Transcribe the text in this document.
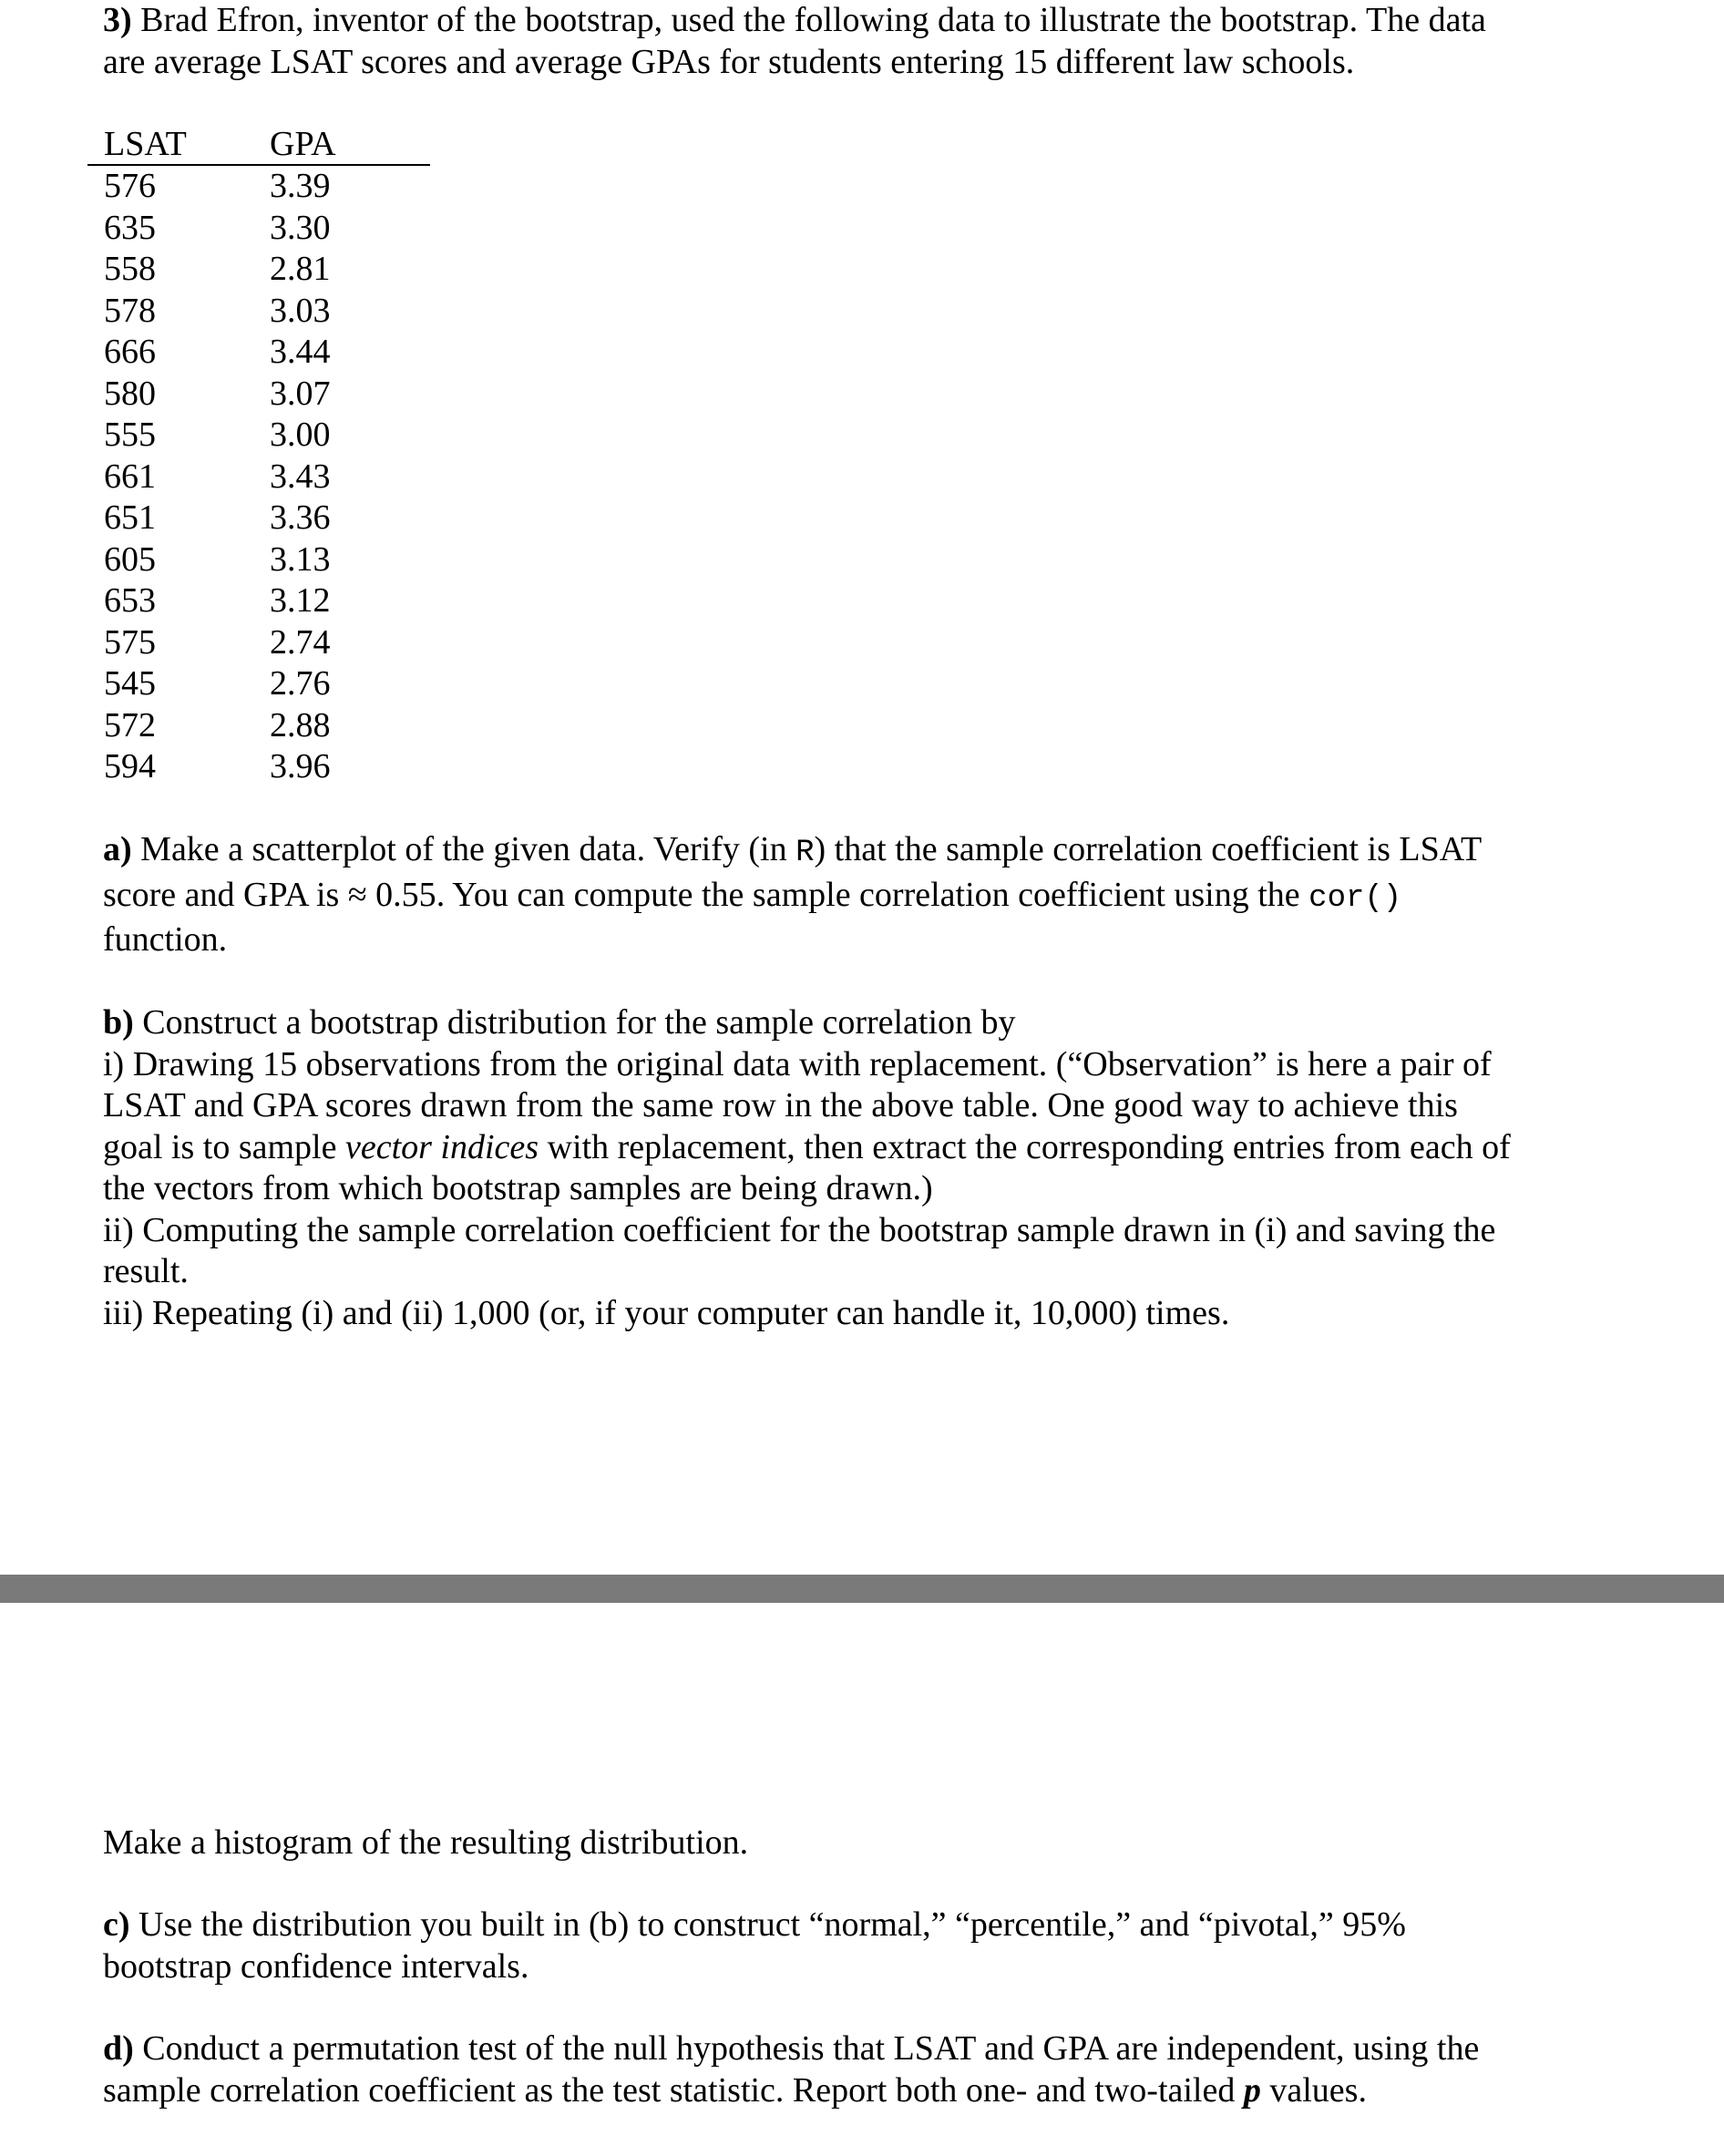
3) Brad Efron, inventor of the bootstrap, used the following data to illustrate the bootstrap. The data are average LSAT scores and average GPAs for students entering 15 different law schools.

LSAT GPA
576	3.39
635	3.30
558	2.81
578	3.03
666	3.44
580	3.07
555	3.00
661	3.43
651	3.36
605	3.13
653	3.12
575	2.74
545	2.76
572	2.88
594	3.96

a) Make a scatterplot of the given data. Verify (in R) that the sample correlation coefficient is LSAT score and GPA is ≈ 0.55. You can compute the sample correlation coefficient using the cor() function.

b) Construct a bootstrap distribution for the sample correlation by
i) Drawing 15 observations from the original data with replacement. (“Observation” is here a pair of LSAT and GPA scores drawn from the same row in the above table. One good way to achieve this goal is to sample vector indices with replacement, then extract the corresponding entries from each of the vectors from which bootstrap samples are being drawn.)
ii) Computing the sample correlation coefficient for the bootstrap sample drawn in (i) and saving the result.
iii) Repeating (i) and (ii) 1,000 (or, if your computer can handle it, 10,000) times.

Make a histogram of the resulting distribution.

c) Use the distribution you built in (b) to construct “normal,” “percentile,” and “pivotal,” 95% bootstrap confidence intervals.

d) Conduct a permutation test of the null hypothesis that LSAT and GPA are independent, using the sample correlation coefficient as the test statistic. Report both one- and two-tailed p values.
